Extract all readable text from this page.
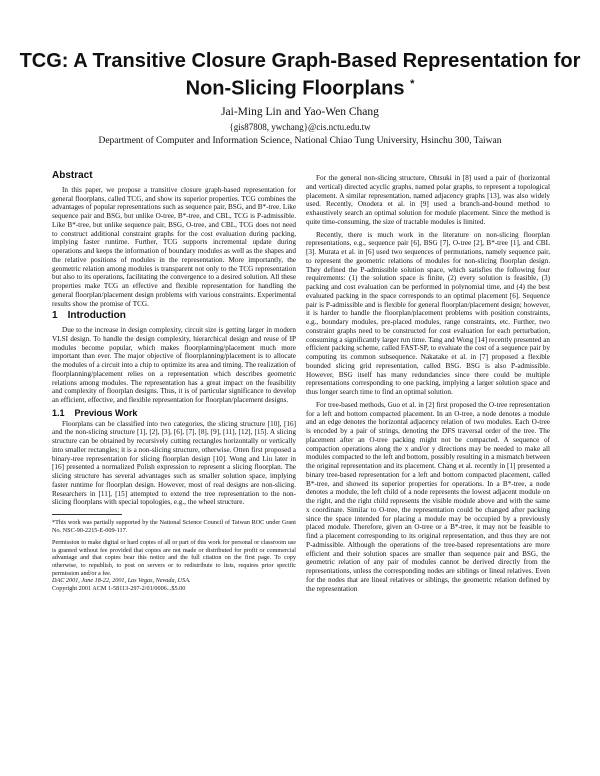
TCG: A Transitive Closure Graph-Based Representation for
Non-Slicing Floorplans *
Jai-Ming Lin and Yao-Wen Chang
{gis87808, ywchang}@cis.nctu.edu.tw
Department of Computer and Information Science, National Chiao Tung University, Hsinchu 300, Taiwan
Abstract

In this paper, we propose a transitive closure graph-based representation for general floorplans, called TCG, and show its superior properties. TCG combines the advantages of popular representations such as sequence pair, BSG, and B*-tree. Like sequence pair and BSG, but unlike O-tree, B*-tree, and CBL, TCG is P-admissible. Like B*-tree, but unlike sequence pair, BSG, O-tree, and CBL, TCG does not need to construct additional constraint graphs for the cost evaluation during packing, implying faster runtime. Further, TCG supports incremental update during operations and keeps the information of boundary modules as well as the shapes and the relative positions of modules in the representation. More importantly, the geometric relation among modules is transparent not only to the TCG representation but also to its operations, facilitating the convergence to a desired solution. All these properties make TCG an effective and flexible representation for handling the general floorplan/placement design problems with various constraints. Experimental results show the promise of TCG.

1 Introduction

Due to the increase in design complexity, circuit size is getting larger in modern VLSI design. To handle the design complexity, hierarchical design and reuse of IP modules become popular, which makes floorplanning/placement much more important than ever. The major objective of floorplanning/placement is to allocate the modules of a circuit into a chip to optimize its area and timing. The realization of floorplanning/placement relies on a representation which describes geometric relations among modules. The representation has a great impact on the feasibility and complexity of floorplan designs. Thus, it is of particular significance to develop an efficient, effective, and flexible representation for floorplan/placement designs.

1.1 Previous Work

Floorplans can be classified into two categories, the slicing structure [10], [16] and the non-slicing structure [1], [2], [3], [6], [7], [8], [9], [11], [12], [15]. A slicing structure can be obtained by recursively cutting rectangles horizontally or vertically into smaller rectangles; it is a non-slicing structure, otherwise. Otten first proposed a binary-tree representation for slicing floorplan design [10]. Wong and Liu later in [16] presented a normalized Polish expression to represent a slicing floorplan. The slicing structure has several advantages such as smaller solution space, implying faster runtime for floorplan design. However, most of real designs are non-slicing. Researchers in [11], [15] attempted to extend the tree representation to the non-slicing floorplans with special topologies, e.g., the wheel structure.

*This work was partially supported by the National Science Council of Taiwan ROC under Grant No. NSC-90-2215-E-009-117.
Permission to make digital or hard copies of all or part of this work for personal or classroom use is granted without fee provided that copies are not made or distributed for profit or commercial advantage and that copies bear this notice and the full citation on the first page. To copy otherwise, to republish, to post on servers or to redistribute to lists, requires prior specific permission and/or a fee.
DAC 2001, June 18-22, 2001, Las Vegas, Nevada, USA.
Copyright 2001 ACM 1-58113-297-2/01/0006...$5.00

For the general non-slicing structure, Ohtsuki in [8] used a pair of (horizontal and vertical) directed acyclic graphs, named polar graphs, to represent a topological placement. A similar representation, named adjacency graphs [13], was also widely used. Recently, Onodera et al. in [9] used a branch-and-bound method to exhaustively search an optimal solution for module placement. Since the method is quite time-consuming, the size of tractable modules is limited.

Recently, there is much work in the literature on non-slicing floorplan representations, e.g., sequence pair [6], BSG [7], O-tree [2], B*-tree [1], and CBL [3]. Murata et al. in [6] used two sequences of permutations, namely sequence pair, to represent the geometric relations of modules for non-slicing floorplan design. They defined the P-admissible solution space, which satisfies the following four requirements: (1) the solution space is finite, (2) every solution is feasible, (3) packing and cost evaluation can be performed in polynomial time, and (4) the best evaluated packing in the space corresponds to an optimal placement [6]. Sequence pair is P-admissible and is flexible for general floorplan/placement design; however, it is harder to handle the floorplan/placement problems with position constraints, e.g., boundary modules, pre-placed modules, range constraints, etc. Further, two constraint graphs need to be constructed for cost evaluation for each perturbation, consuming a significantly larger run time. Tang and Wong [14] recently presented an efficient packing scheme, called FAST-SP, to evaluate the cost of a sequence pair by computing its common subsequence. Nakatake et al. in [7] proposed a flexible bounded slicing grid representation, called BSG. BSG is also P-admissible. However, BSG itself has many redundancies since there could be multiple representations corresponding to one packing, implying a larger solution space and thus longer search time to find an optimal solution.

For tree-based methods, Guo et al. in [2] first proposed the O-tree representation for a left and bottom compacted placement. In an O-tree, a node denotes a module and an edge denotes the horizontal adjacency relation of two modules. Each O-tree is encoded by a pair of strings, denoting the DFS traversal order of the tree. The placement after an O-tree packing might not be compacted. A sequence of compaction operations along the x and/or y directions may be needed to make all modules compacted to the left and bottom, possibly resulting in a mismatch between the original representation and its placement. Chang et al. recently in [1] presented a binary tree-based representation for a left and bottom compacted placement, called B*-tree, and showed its superior properties for operations. In a B*-tree, a node denotes a module, the left child of a node represents the lowest adjacent module on the right, and the right child represents the visible module above and with the same x coordinate. Similar to O-tree, the representation could be changed after packing since the space intended for placing a module may be occupied by a previously placed module. Therefore, given an O-tree or a B*-tree, it may not be feasible to find a placement corresponding to its original representation, and thus they are not P-admissible. Although the operations of the tree-based representations are more efficient and their solution spaces are smaller than sequence pair and BSG, the geometric relation of any pair of modules cannot be derived directly from the representations, unless the corresponding nodes are siblings or lineal relatives. Even for the nodes that are lineal relatives or siblings, the geometric relation defined by the representation
